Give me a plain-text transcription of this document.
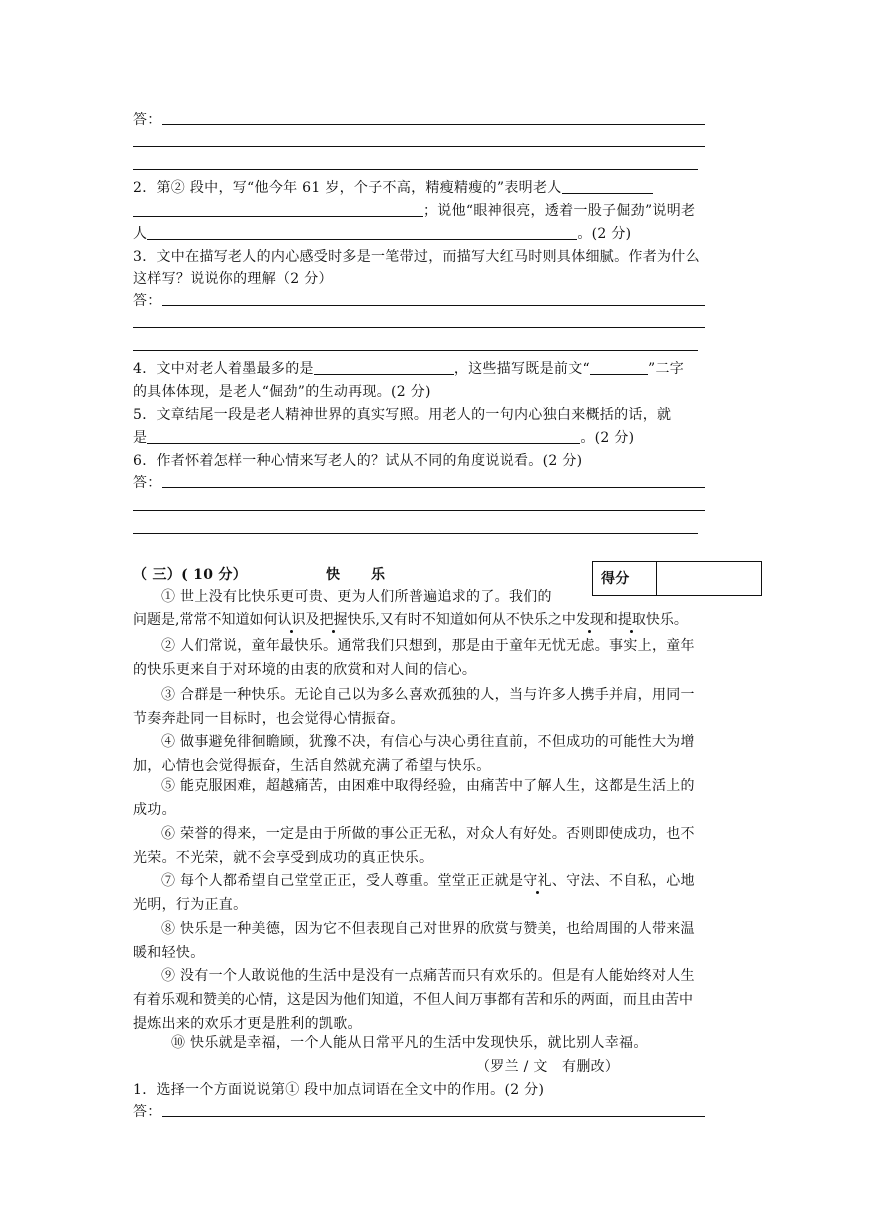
答：
2．第② 段中，写“他今年 61 岁，个子不高，精瘦精瘦的”表明老人
；说他“眼神很亮，透着一股子倔劲”说明老
人	。(2 分)
3．文中在描写老人的内心感受时多是一笔带过，而描写大红马时则具体细腻。作者为什么
这样写？说说你的理解（2 分）
答：
4．文中对老人着墨最多的是	，这些描写既是前文“	”二字
的具体体现，是老人“倔劲”的生动再现。(2 分)
5．文章结尾一段是老人精神世界的真实写照。用老人的一句内心独白来概括的话，就
是	。(2 分)
6．作者怀着怎样一种心情来写老人的？试从不同的角度说说看。(2 分)
答：
（ 三）( 10 分）	快 乐	得分
① 世上没有比快乐更可贵、更为人们所普遍追求的了。我们的
问题是,常常不知道如何认识及把握快乐,又有时不知道如何从不快乐之中发现和提取快乐。
② 人们常说，童年最快乐。通常我们只想到，那是由于童年无忧无虑。事实上，童年
的快乐更来自于对环境的由衷的欣赏和对人间的信心。
③ 合群是一种快乐。无论自己以为多么喜欢孤独的人，当与许多人携手并肩，用同一
节奏奔赴同一目标时，也会觉得心情振奋。
④ 做事避免徘徊瞻顾，犹豫不决，有信心与决心勇往直前，不但成功的可能性大为增
加，心情也会觉得振奋，生活自然就充满了希望与快乐。
⑤ 能克服困难，超越痛苦，由困难中取得经验，由痛苦中了解人生，这都是生活上的
成功。
⑥ 荣誉的得来，一定是由于所做的事公正无私，对众人有好处。否则即使成功，也不
光荣。不光荣，就不会享受到成功的真正快乐。
⑦ 每个人都希望自己堂堂正正，受人尊重。堂堂正正就是守礼、守法、不自私，心地
光明，行为正直。
⑧ 快乐是一种美德，因为它不但表现自己对世界的欣赏与赞美，也给周围的人带来温
暖和轻快。
⑨ 没有一个人敢说他的生活中是没有一点痛苦而只有欢乐的。但是有人能始终对人生
有着乐观和赞美的心情，这是因为他们知道，不但人间万事都有苦和乐的两面，而且由苦中
提炼出来的欢乐才更是胜利的凯歌。
⑩ 快乐就是幸福，一个人能从日常平凡的生活中发现快乐，就比别人幸福。
（罗兰 / 文　有删改）
1．选择一个方面说说第① 段中加点词语在全文中的作用。(2 分)
答：
